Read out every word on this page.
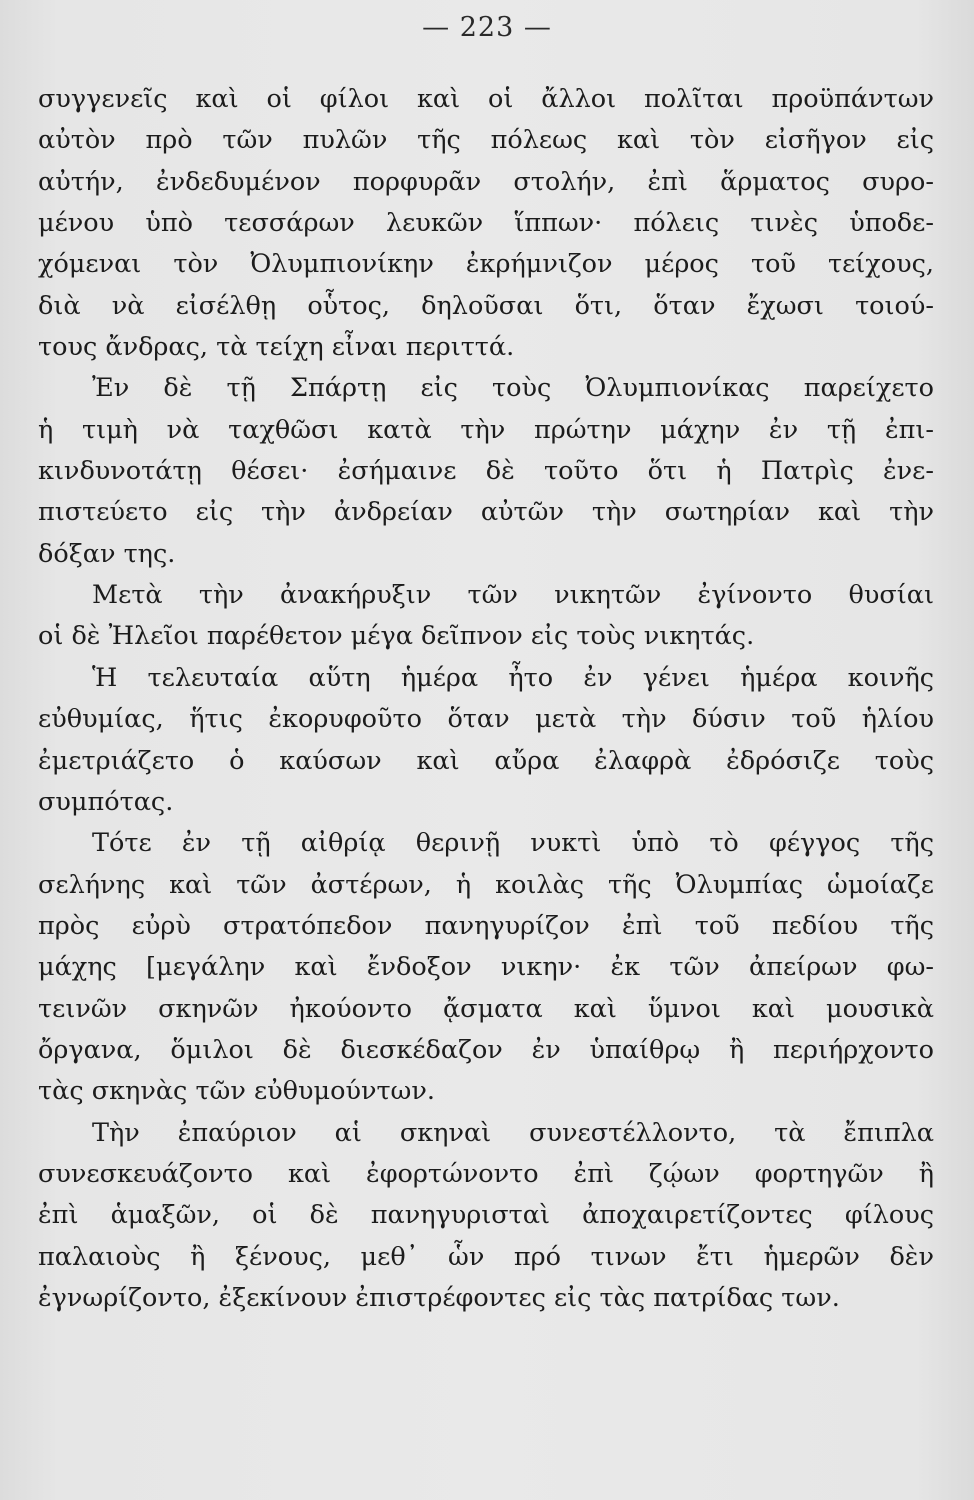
— 223 —
συγγενεῖς καὶ οἱ φίλοι καὶ οἱ ἄλλοι πολῖται προϋπάντων
αὐτὸν πρὸ τῶν πυλῶν τῆς πόλεως καὶ τὸν εἰσῆγον εἰς
αὐτήν, ἐνδεδυμένον πορφυρᾶν στολήν, ἐπὶ ἅρματος συρο-
μένου ὑπὸ τεσσάρων λευκῶν ἵππων· πόλεις τινὲς ὑποδε-
χόμεναι τὸν Ὀλυμπιονίκην ἐκρήμνιζον μέρος τοῦ τείχους,
διὰ νὰ εἰσέλθῃ οὗτος, δηλοῦσαι ὅτι, ὅταν ἔχωσι τοιού-
τους ἄνδρας, τὰ τείχη εἶναι περιττά.
Ἐν δὲ τῇ Σπάρτῃ εἰς τοὺς Ὀλυμπιονίκας παρείχετο
ἡ τιμὴ νὰ ταχθῶσι κατὰ τὴν πρώτην μάχην ἐν τῇ ἐπι-
κινδυνοτάτῃ θέσει· ἐσήμαινε δὲ τοῦτο ὅτι ἡ Πατρὶς ἐνε-
πιστεύετο εἰς τὴν ἀνδρείαν αὐτῶν τὴν σωτηρίαν καὶ τὴν
δόξαν της.
Μετὰ τὴν ἀνακήρυξιν τῶν νικητῶν ἐγίνοντο θυσίαι
οἱ δὲ Ἠλεῖοι παρέθετον μέγα δεῖπνον εἰς τοὺς νικητάς.
Ἡ τελευταία αὕτη ἡμέρα ἦτο ἐν γένει ἡμέρα κοινῆς
εὐθυμίας, ἥτις ἐκορυφοῦτο ὅταν μετὰ τὴν δύσιν τοῦ ἡλίου
ἐμετριάζετο ὁ καύσων καὶ αὔρα ἐλαφρὰ ἐδρόσιζε τοὺς
συμπότας.
Τότε ἐν τῇ αἰθρίᾳ θερινῇ νυκτὶ ὑπὸ τὸ φέγγος τῆς
σελήνης καὶ τῶν ἀστέρων, ἡ κοιλὰς τῆς Ὀλυμπίας ὡμοίαζε
πρὸς εὐρὺ στρατόπεδον πανηγυρίζον ἐπὶ τοῦ πεδίου τῆς
μάχης [μεγάλην καὶ ἔνδοξον νικην· ἐκ τῶν ἀπείρων φω-
τεινῶν σκηνῶν ἠκούοντο ᾄσματα καὶ ὕμνοι καὶ μουσικὰ
ὄργανα, ὅμιλοι δὲ διεσκέδαζον ἐν ὑπαίθρῳ ἢ περιήρχοντο
τὰς σκηνὰς τῶν εὐθυμούντων.
Τὴν ἐπαύριον αἱ σκηναὶ συνεστέλλοντο, τὰ ἔπιπλα
συνεσκευάζοντο καὶ ἐφορτώνοντο ἐπὶ ζῴων φορτηγῶν ἢ
ἐπὶ ἁμαξῶν, οἱ δὲ πανηγυρισταὶ ἀποχαιρετίζοντες φίλους
παλαιοὺς ἢ ξένους, μεθ᾿ ὧν πρό τινων ἔτι ἡμερῶν δὲν
ἐγνωρίζοντο, ἐξεκίνουν ἐπιστρέφοντες εἰς τὰς πατρίδας των.
